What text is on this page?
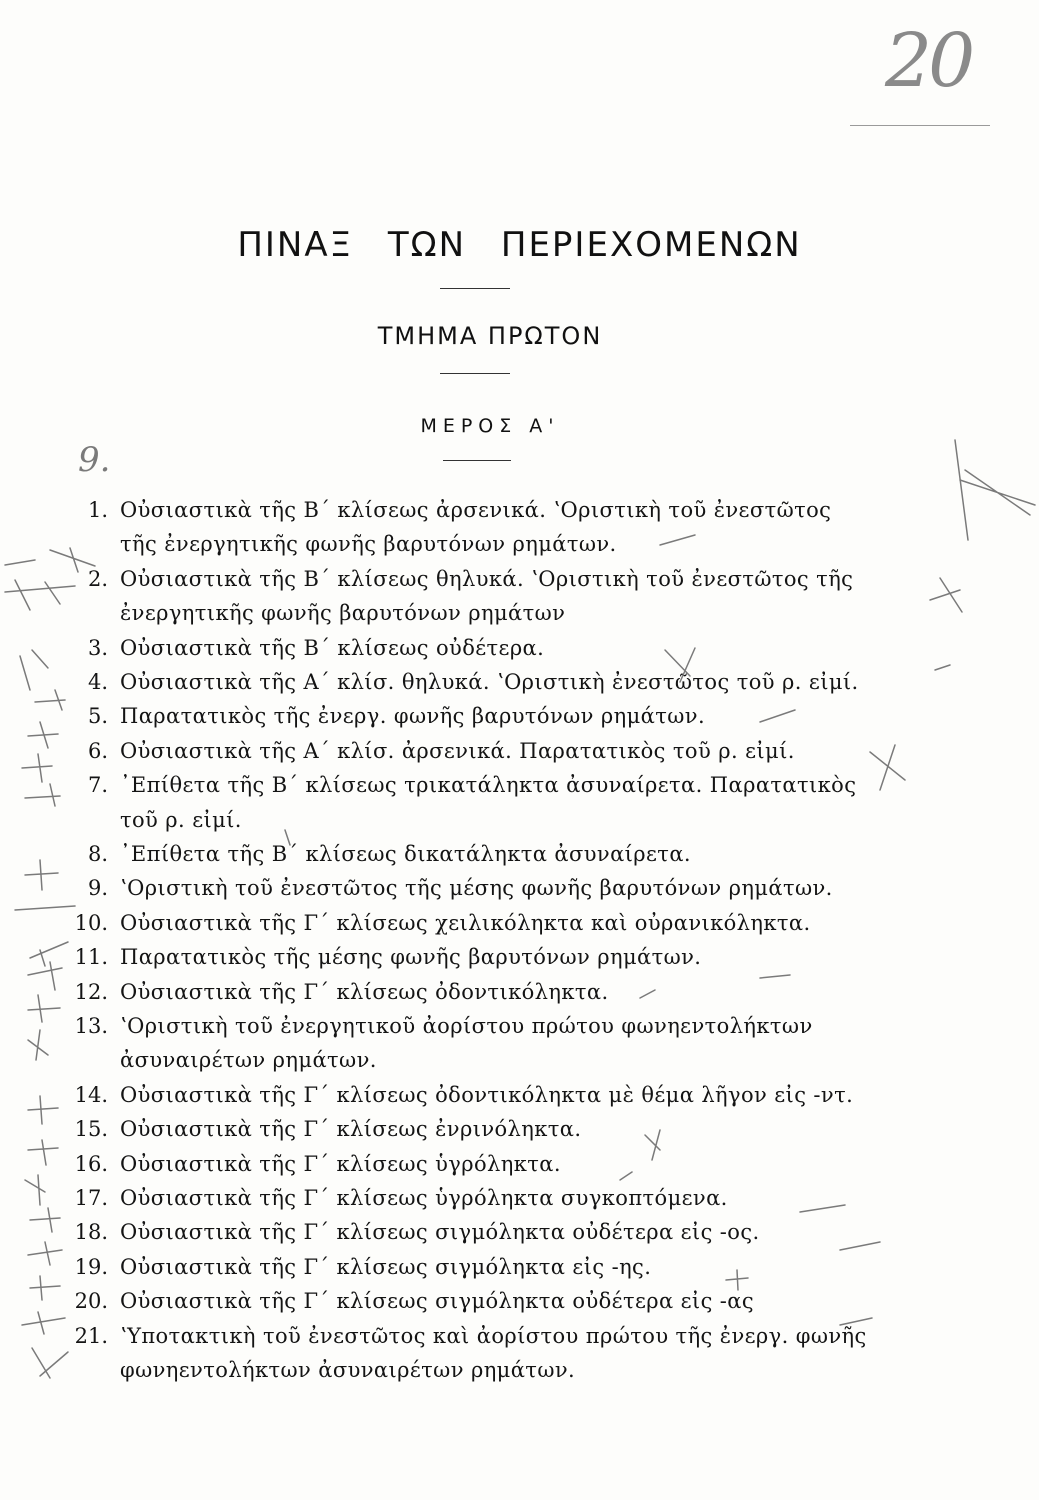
20
ΠΙΝΑΞ ΤΩΝ ΠΕΡΙΕΧΟΜΕΝΩΝ
ΤΜΗΜΑ ΠΡΩΤΟΝ
ΜΕΡΟΣ Α'
9.
1. Οὐσιαστικὰ τῆς Β΄ κλίσεως ἀρσενικά. ʽΟριστικὴ τοῦ ἐνεστῶτος
τῆς ἐνεργητικῆς φωνῆς βαρυτόνων ρημάτων.
2. Οὐσιαστικὰ τῆς Β΄ κλίσεως θηλυκά. ʽΟριστικὴ τοῦ ἐνεστῶτος τῆς
ἐνεργητικῆς φωνῆς βαρυτόνων ρημάτων
3. Οὐσιαστικὰ τῆς Β΄ κλίσεως οὐδέτερα.
4. Οὐσιαστικὰ τῆς Α΄ κλίσ. θηλυκά. ʽΟριστικὴ ἐνεστῶτος τοῦ ρ. εἰμί.
5. Παρατατικὸς τῆς ἐνεργ. φωνῆς βαρυτόνων ρημάτων.
6. Οὐσιαστικὰ τῆς Α΄ κλίσ. ἀρσενικά. Παρατατικὸς τοῦ ρ. εἰμί.
7. ᾿Επίθετα τῆς Β΄ κλίσεως τρικατάληκτα ἀσυναίρετα. Παρατατικὸς
τοῦ ρ. εἰμί.
8. ᾿Επίθετα τῆς Β΄ κλίσεως δικατάληκτα ἀσυναίρετα.
9. ʽΟριστικὴ τοῦ ἐνεστῶτος τῆς μέσης φωνῆς βαρυτόνων ρημάτων.
10. Οὐσιαστικὰ τῆς Γ΄ κλίσεως χειλικόληκτα καὶ οὐρανικόληκτα.
11. Παρατατικὸς τῆς μέσης φωνῆς βαρυτόνων ρημάτων.
12. Οὐσιαστικὰ τῆς Γ΄ κλίσεως ὀδοντικόληκτα.
13. ʽΟριστικὴ τοῦ ἐνεργητικοῦ ἀορίστου πρώτου φωνηεντολήκτων
ἀσυναιρέτων ρημάτων.
14. Οὐσιαστικὰ τῆς Γ΄ κλίσεως ὀδοντικόληκτα μὲ θέμα λῆγον εἰς -ντ.
15. Οὐσιαστικὰ τῆς Γ΄ κλίσεως ἐνρινόληκτα.
16. Οὐσιαστικὰ τῆς Γ΄ κλίσεως ὑγρόληκτα.
17. Οὐσιαστικὰ τῆς Γ΄ κλίσεως ὑγρόληκτα συγκοπτόμενα.
18. Οὐσιαστικὰ τῆς Γ΄ κλίσεως σιγμόληκτα οὐδέτερα εἰς -ος.
19. Οὐσιαστικὰ τῆς Γ΄ κλίσεως σιγμόληκτα εἰς -ης.
20. Οὐσιαστικὰ τῆς Γ΄ κλίσεως σιγμόληκτα οὐδέτερα εἰς -ας
21. ʽΥποτακτικὴ τοῦ ἐνεστῶτος καὶ ἀορίστου πρώτου τῆς ἐνεργ. φωνῆς
φωνηεντολήκτων ἀσυναιρέτων ρημάτων.
